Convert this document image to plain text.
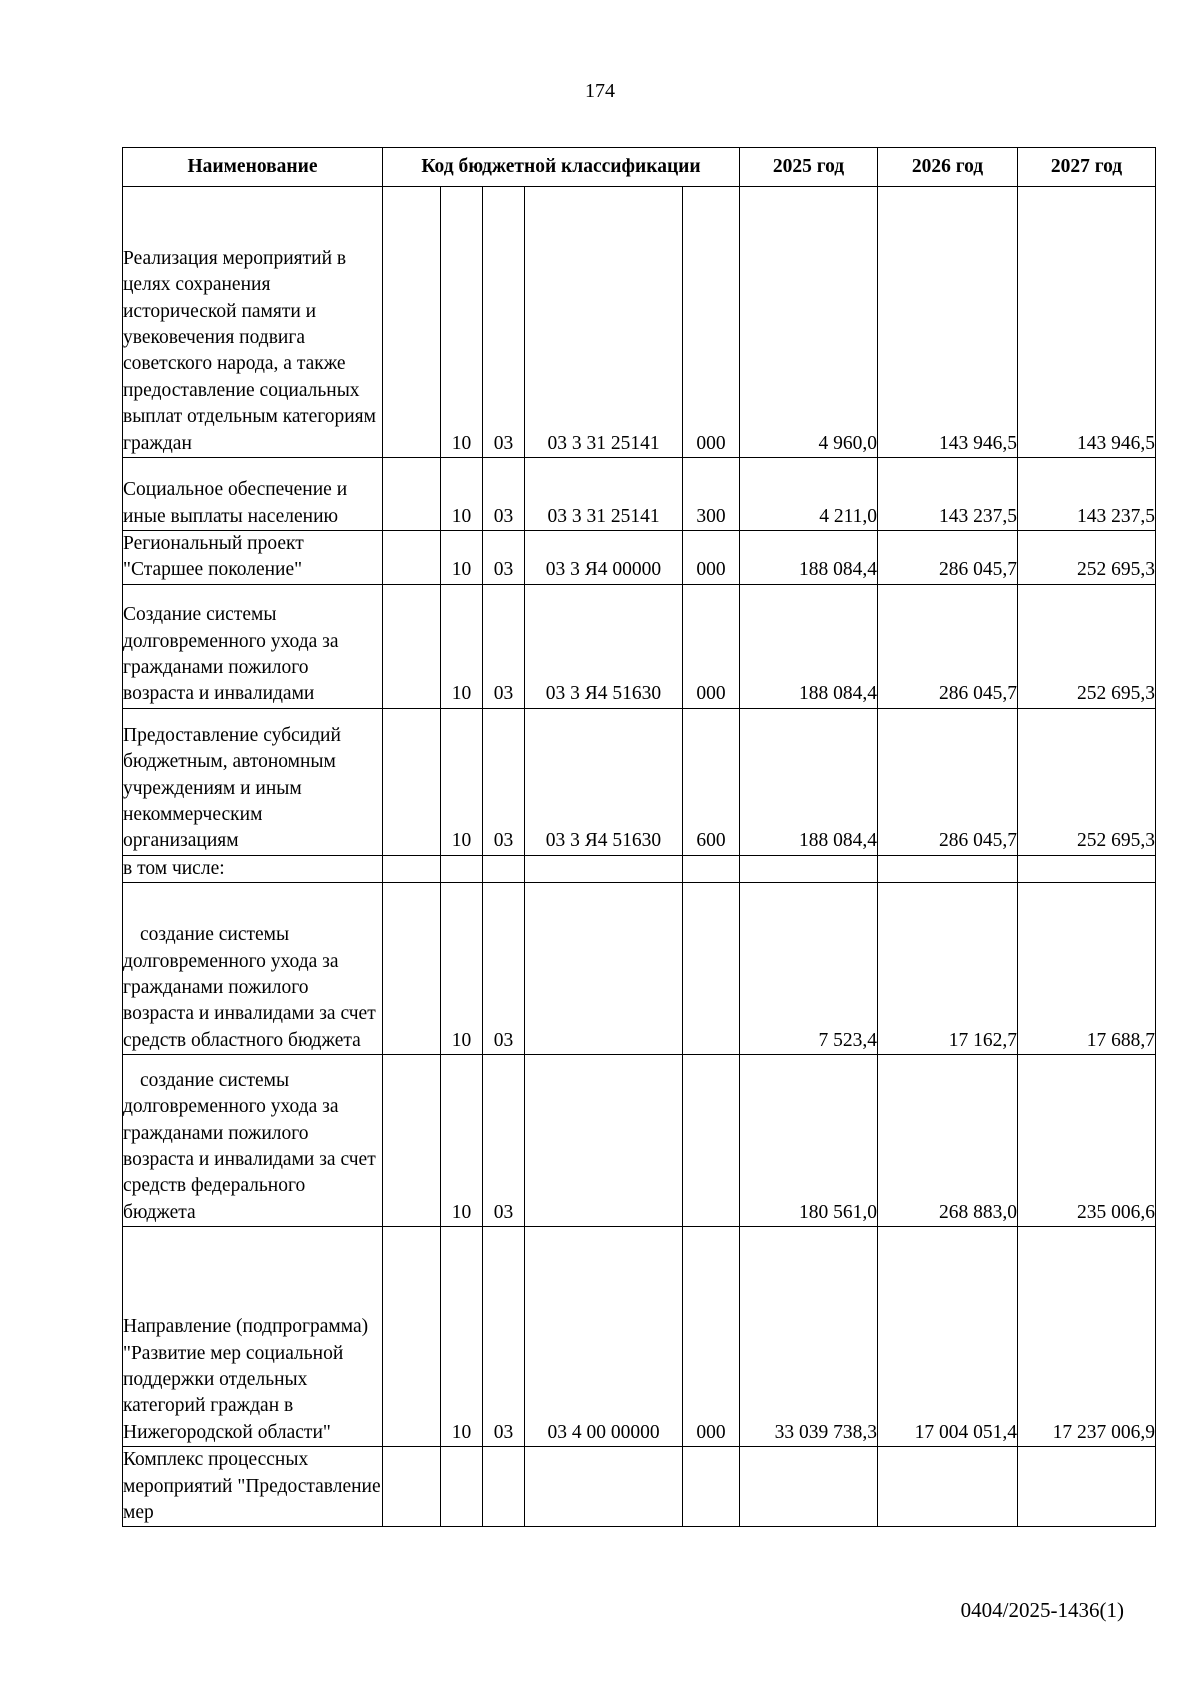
174
Наименование	Код бюджетной классификации					2025 год	2026 год	2027 год
Реализация мероприятий в целях сохранения исторической памяти и увековечения подвига советского народа, а также предоставление социальных выплат отдельным категориям граждан		10	03	03 3 31 25141	000	4 960,0	143 946,5	143 946,5
Социальное обеспечение и иные выплаты населению		10	03	03 3 31 25141	300	4 211,0	143 237,5	143 237,5
Региональный проект "Старшее поколение"		10	03	03 3 Я4 00000	000	188 084,4	286 045,7	252 695,3
Создание системы долговременного ухода за гражданами пожилого возраста и инвалидами		10	03	03 3 Я4 51630	000	188 084,4	286 045,7	252 695,3
Предоставление субсидий бюджетным, автономным учреждениям и иным некоммерческим организациям		10	03	03 3 Я4 51630	600	188 084,4	286 045,7	252 695,3
в том числе:								
создание системы долговременного ухода за гражданами пожилого возраста и инвалидами за счет средств областного бюджета		10	03			7 523,4	17 162,7	17 688,7
создание системы долговременного ухода за гражданами пожилого возраста и инвалидами за счет средств федерального бюджета		10	03			180 561,0	268 883,0	235 006,6
Направление (подпрограмма) "Развитие мер социальной поддержки отдельных категорий граждан в Нижегородской области"		10	03	03 4 00 00000	000	33 039 738,3	17 004 051,4	17 237 006,9
Комплекс процессных мероприятий "Предоставление мер								
0404/2025-1436(1)
